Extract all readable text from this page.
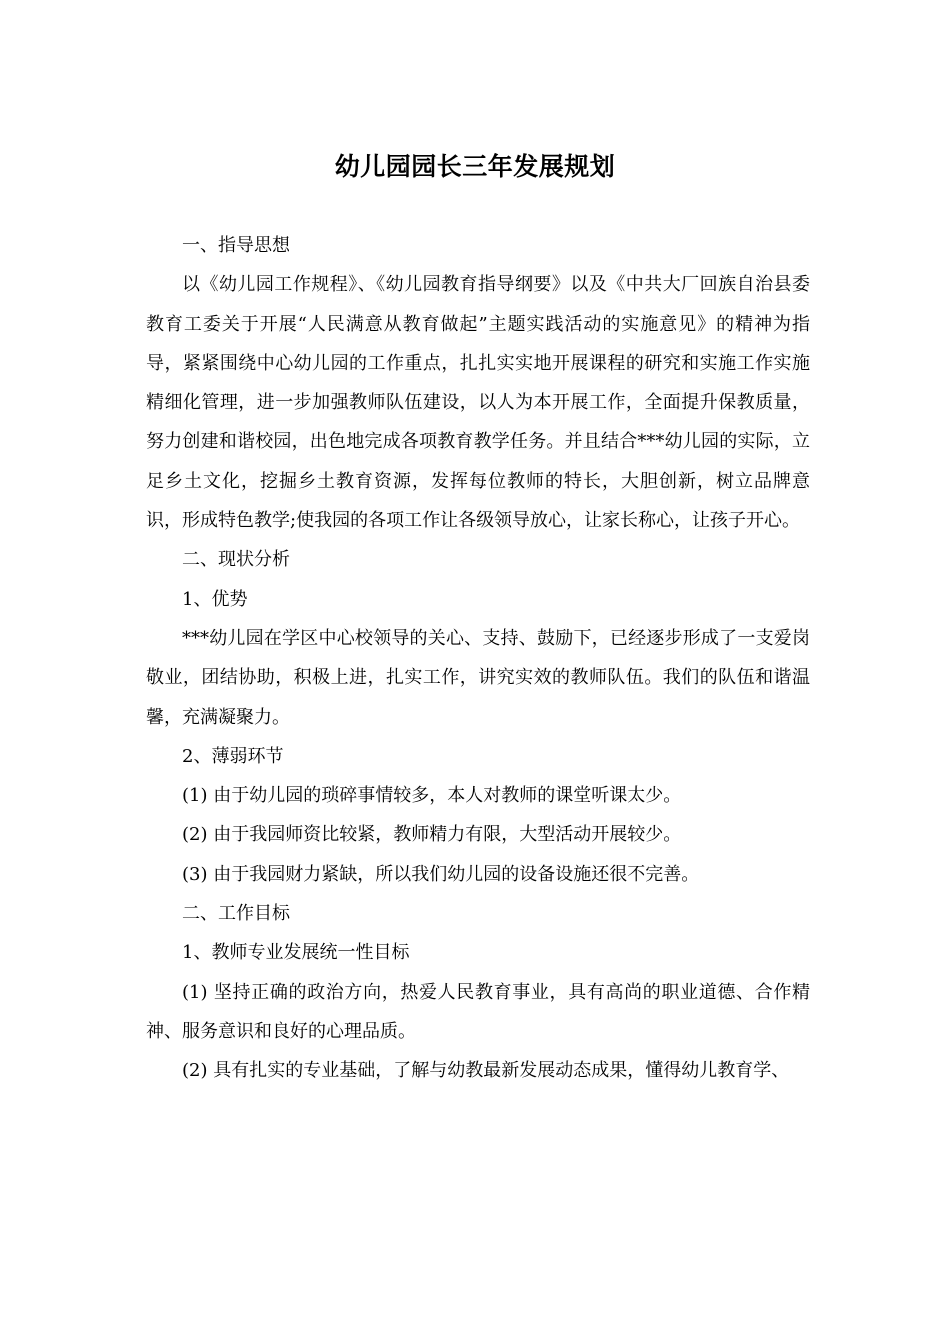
幼儿园园长三年发展规划

一、指导思想

以《幼儿园工作规程》、《幼儿园教育指导纲要》以及《中共大厂回族自治县委教育工委关于开展“人民满意从教育做起”主题实践活动的实施意见》的精神为指导，紧紧围绕中心幼儿园的工作重点，扎扎实实地开展课程的研究和实施工作实施精细化管理，进一步加强教师队伍建设，以人为本开展工作，全面提升保教质量，努力创建和谐校园，出色地完成各项教育教学任务。并且结合***幼儿园的实际，立足乡土文化，挖掘乡土教育资源，发挥每位教师的特长，大胆创新，树立品牌意识，形成特色教学;使我园的各项工作让各级领导放心，让家长称心，让孩子开心。

二、现状分析

1、优势

***幼儿园在学区中心校领导的关心、支持、鼓励下，已经逐步形成了一支爱岗敬业，团结协助，积极上进，扎实工作，讲究实效的教师队伍。我们的队伍和谐温馨，充满凝聚力。

2、薄弱环节

(1) 由于幼儿园的琐碎事情较多，本人对教师的课堂听课太少。

(2) 由于我园师资比较紧，教师精力有限，大型活动开展较少。

(3) 由于我园财力紧缺，所以我们幼儿园的设备设施还很不完善。

二、工作目标

1、教师专业发展统一性目标

(1) 坚持正确的政治方向，热爱人民教育事业，具有高尚的职业道德、合作精神、服务意识和良好的心理品质。

(2) 具有扎实的专业基础，了解与幼教最新发展动态成果，懂得幼儿教育学、
